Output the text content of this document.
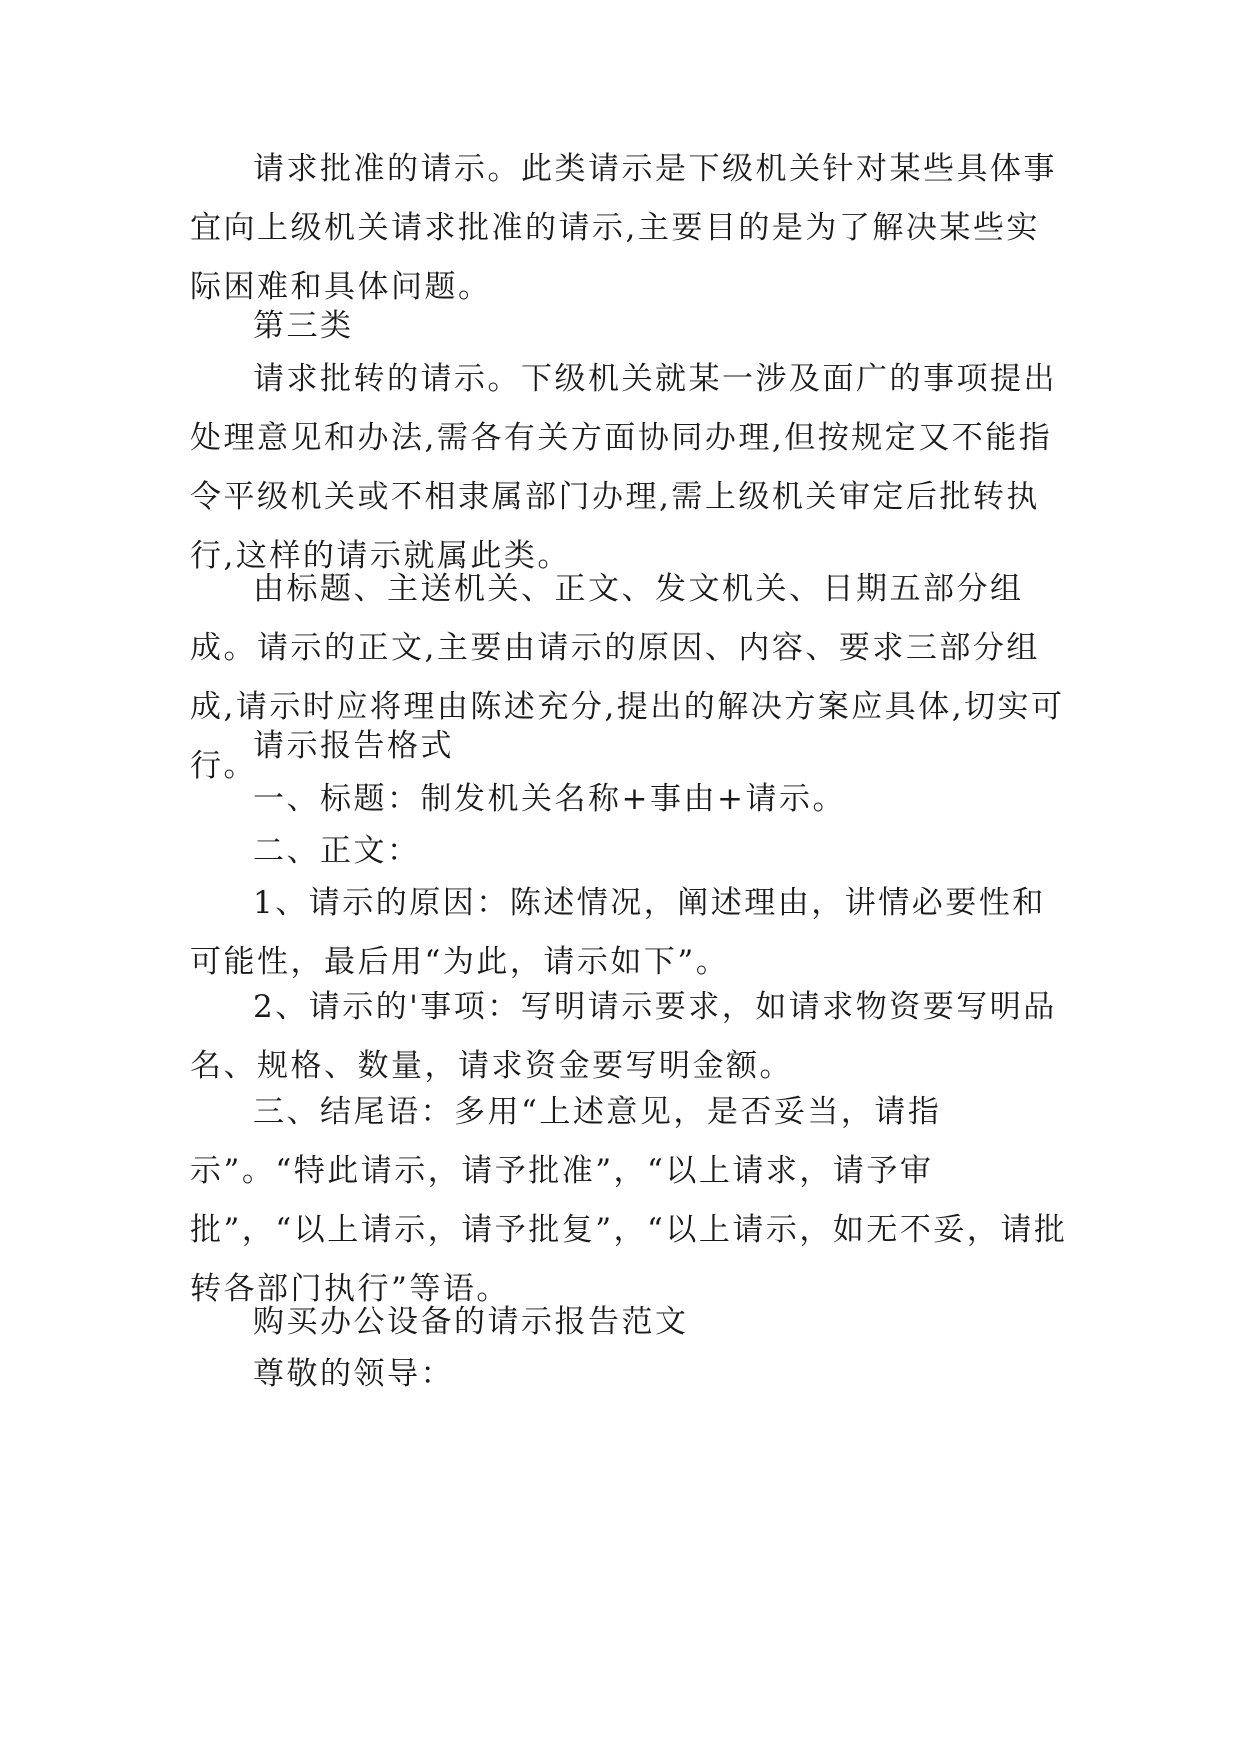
请求批准的请示。此类请示是下级机关针对某些具体事宜向上级机关请求批准的请示,主要目的是为了解决某些实际困难和具体问题。

第三类

请求批转的请示。下级机关就某一涉及面广的事项提出处理意见和办法,需各有关方面协同办理,但按规定又不能指令平级机关或不相隶属部门办理,需上级机关审定后批转执行,这样的请示就属此类。

由标题、主送机关、正文、发文机关、日期五部分组成。请示的正文,主要由请示的原因、内容、要求三部分组成,请示时应将理由陈述充分,提出的解决方案应具体,切实可行。

请示报告格式

一、标题：制发机关名称+事由+请示。

二、正文：

1、请示的原因：陈述情况，阐述理由，讲情必要性和可能性，最后用“为此，请示如下”。

2、请示的'事项：写明请示要求，如请求物资要写明品名、规格、数量，请求资金要写明金额。

三、结尾语：多用“上述意见，是否妥当，请指示”。“特此请示，请予批准”，“以上请求，请予审批”，“以上请示，请予批复”，“以上请示，如无不妥，请批转各部门执行”等语。

购买办公设备的请示报告范文

尊敬的领导：
